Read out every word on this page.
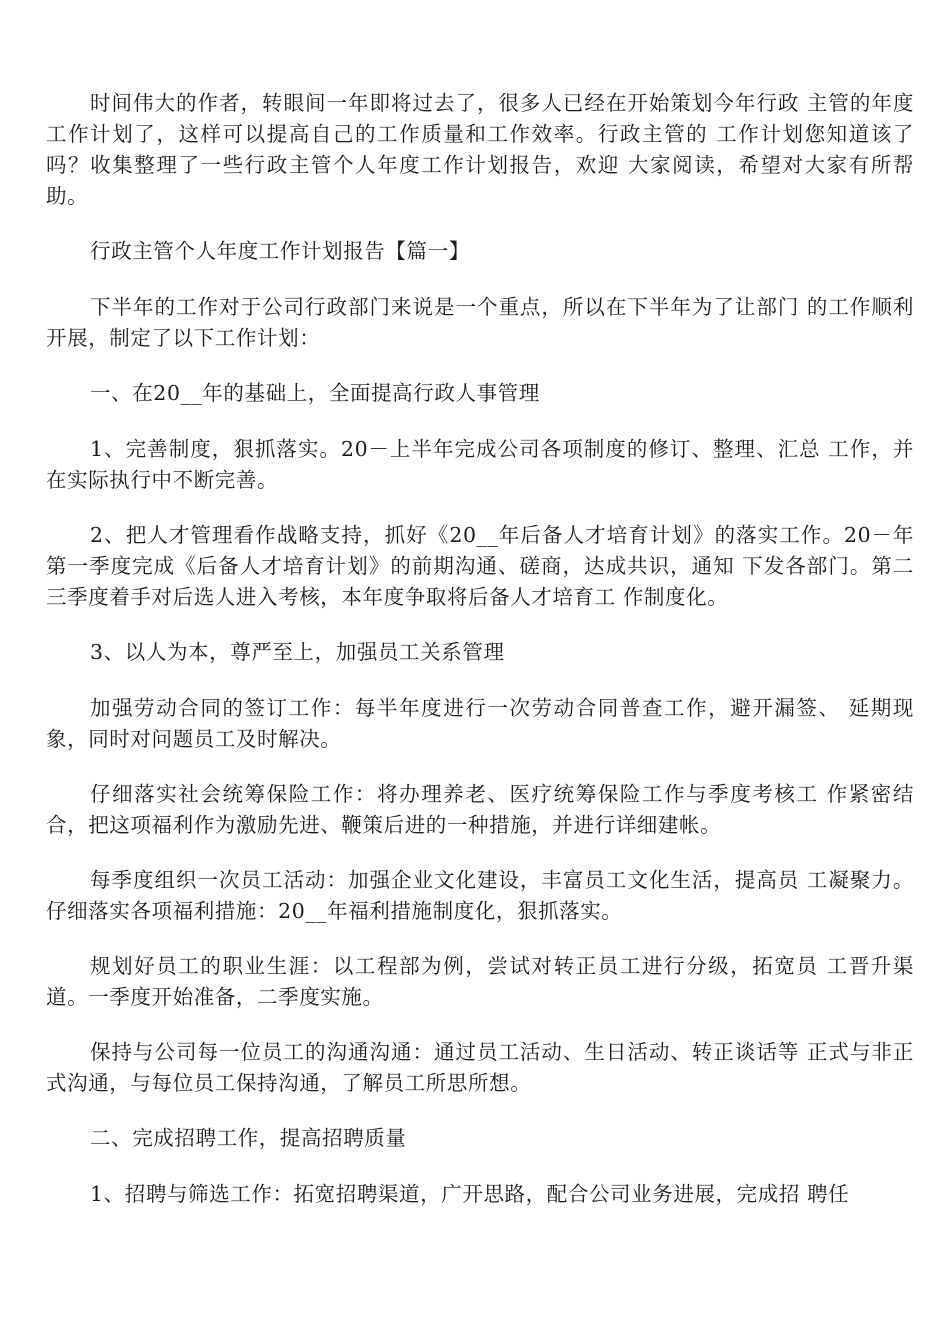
时间伟大的作者，转眼间一年即将过去了，很多人已经在开始策划今年行政 主管的年度工作计划了，这样可以提高自己的工作质量和工作效率。行政主管的 工作计划您知道该了吗？收集整理了一些行政主管个人年度工作计划报告，欢迎 大家阅读，希望对大家有所帮助。

行政主管个人年度工作计划报告【篇一】

下半年的工作对于公司行政部门来说是一个重点，所以在下半年为了让部门 的工作顺利开展，制定了以下工作计划：

一、在20__年的基础上，全面提高行政人事管理

1、完善制度，狠抓落实。20－上半年完成公司各项制度的修订、整理、汇总 工作，并在实际执行中不断完善。

2、把人才管理看作战略支持，抓好《20__年后备人才培育计划》的落实工作。20－年第一季度完成《后备人才培育计划》的前期沟通、磋商，达成共识，通知 下发各部门。第二三季度着手对后选人进入考核，本年度争取将后备人才培育工 作制度化。

3、以人为本，尊严至上，加强员工关系管理

加强劳动合同的签订工作：每半年度进行一次劳动合同普查工作，避开漏签、 延期现象，同时对问题员工及时解决。

仔细落实社会统筹保险工作：将办理养老、医疗统筹保险工作与季度考核工 作紧密结合，把这项福利作为激励先进、鞭策后进的一种措施，并进行详细建帐。

每季度组织一次员工活动：加强企业文化建设，丰富员工文化生活，提高员 工凝聚力。仔细落实各项福利措施：20__年福利措施制度化，狠抓落实。

规划好员工的职业生涯：以工程部为例，尝试对转正员工进行分级，拓宽员 工晋升渠道。一季度开始准备，二季度实施。

保持与公司每一位员工的沟通沟通：通过员工活动、生日活动、转正谈话等 正式与非正式沟通，与每位员工保持沟通，了解员工所思所想。

二、完成招聘工作，提高招聘质量

1、招聘与筛选工作：拓宽招聘渠道，广开思路，配合公司业务进展，完成招 聘任
